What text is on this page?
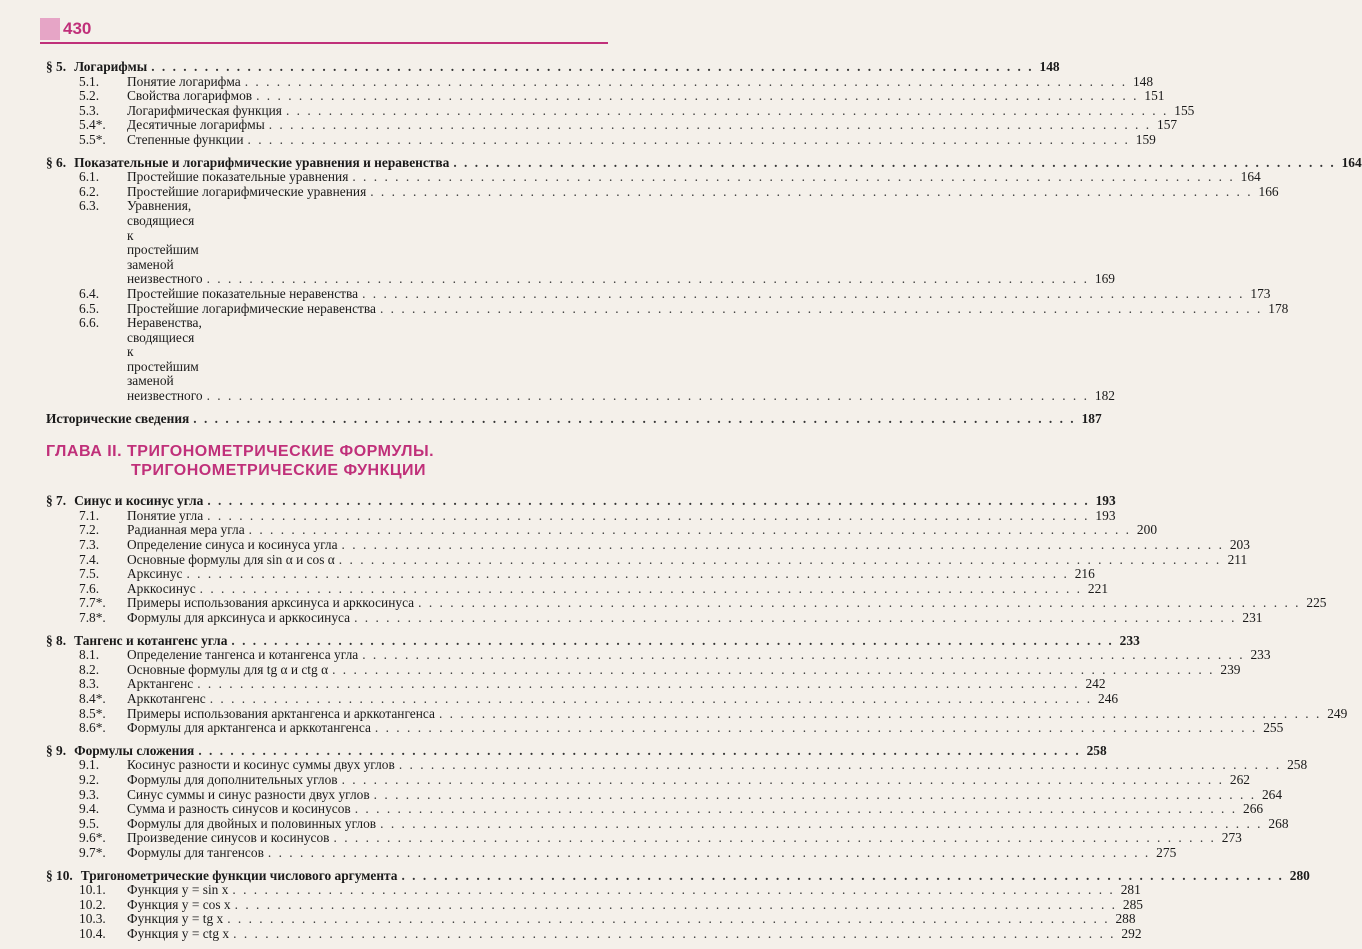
430
§ 5. Логарифмы . . .	148
5.1.	Понятие логарифма . . .	148
5.2.	Свойства логарифмов . . .	151
5.3.	Логарифмическая функция . . .	155
5.4*.	Десятичные логарифмы . . .	157
5.5*.	Степенные функции . . .	159
§ 6. Показательные и логарифмические уравнения и неравенства . . .	164
6.1.	Простейшие показательные уравнения . . .	164
6.2.	Простейшие логарифмические уравнения . . .	166
6.3.	Уравнения, сводящиеся к простейшим заменой
неизвестного . . .	169
6.4.	Простейшие показательные неравенства . . .	173
6.5.	Простейшие логарифмические неравенства . . .	178
6.6.	Неравенства, сводящиеся к простейшим заменой
неизвестного . . .	182
Исторические сведения . . .	187
ГЛАВА II. ТРИГОНОМЕТРИЧЕСКИЕ ФОРМУЛЫ.
ТРИГОНОМЕТРИЧЕСКИЕ ФУНКЦИИ
§ 7. Синус и косинус угла . . .	193
7.1.	Понятие угла . . .	193
7.2.	Радианная мера угла . . .	200
7.3.	Определение синуса и косинуса угла . . .	203
7.4.	Основные формулы для sin α и cos α . . .	211
7.5.	Арксинус . . .	216
7.6.	Арккосинус . . .	221
7.7*.	Примеры использования арксинуса и арккосинуса . . .	225
7.8*.	Формулы для арксинуса и арккосинуса . . .	231
§ 8. Тангенс и котангенс угла . . .	233
8.1.	Определение тангенса и котангенса угла . . .	233
8.2.	Основные формулы для tg α и ctg α . . .	239
8.3.	Арктангенс . . .	242
8.4*.	Арккотангенс . . .	246
8.5*.	Примеры использования арктангенса и арккотангенса . . .	249
8.6*.	Формулы для арктангенса и арккотангенса . . .	255
§ 9. Формулы сложения . . .	258
9.1.	Косинус разности и косинус суммы двух углов . . .	258
9.2.	Формулы для дополнительных углов . . .	262
9.3.	Синус суммы и синус разности двух углов . . .	264
9.4.	Сумма и разность синусов и косинусов . . .	266
9.5.	Формулы для двойных и половинных углов . . .	268
9.6*.	Произведение синусов и косинусов . . .	273
9.7*.	Формулы для тангенсов . . .	275
§ 10. Тригонометрические функции числового аргумента . . .	280
10.1.	Функция y = sin x . . .	281
10.2.	Функция y = cos x . . .	285
10.3.	Функция y = tg x . . .	288
10.4.	Функция y = ctg x . . .	292
